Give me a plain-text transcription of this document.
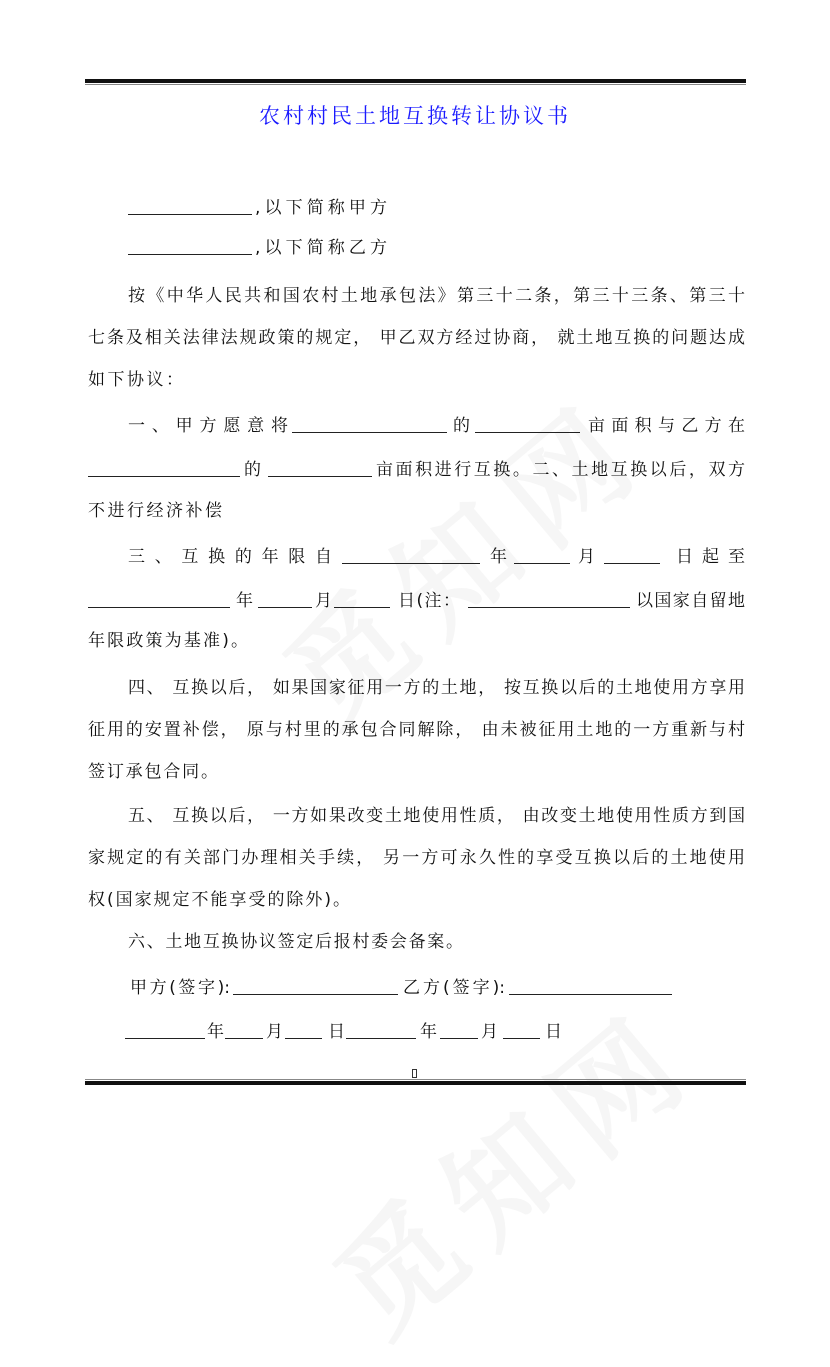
农村村民土地互换转让协议书
,以下简称甲方
,以下简称乙方
按《中华人民共和国农村土地承包法》第三十二条，第三十三条、第三十
七条及相关法律法规政策的规定， 甲乙双方经过协商， 就土地互换的问题达成
如下协议：
一、甲方愿意将	的	亩面积与乙方在
的	亩面积进行互换。二、土地互换以后，双方
不进行经济补偿
三、互换的年限自	年	月	日起至
年	月	日(注：	以国家自留地
年限政策为基准)。
四、 互换以后， 如果国家征用一方的土地， 按互换以后的土地使用方享用
征用的安置补偿， 原与村里的承包合同解除， 由未被征用土地的一方重新与村
签订承包合同。
五、 互换以后， 一方如果改变土地使用性质， 由改变土地使用性质方到国
家规定的有关部门办理相关手续， 另一方可永久性的享受互换以后的土地使用
权(国家规定不能享受的除外)。
六、土地互换协议签定后报村委会备案。
甲方(签字):	乙方(签字):
年 月	日	年	月	日
